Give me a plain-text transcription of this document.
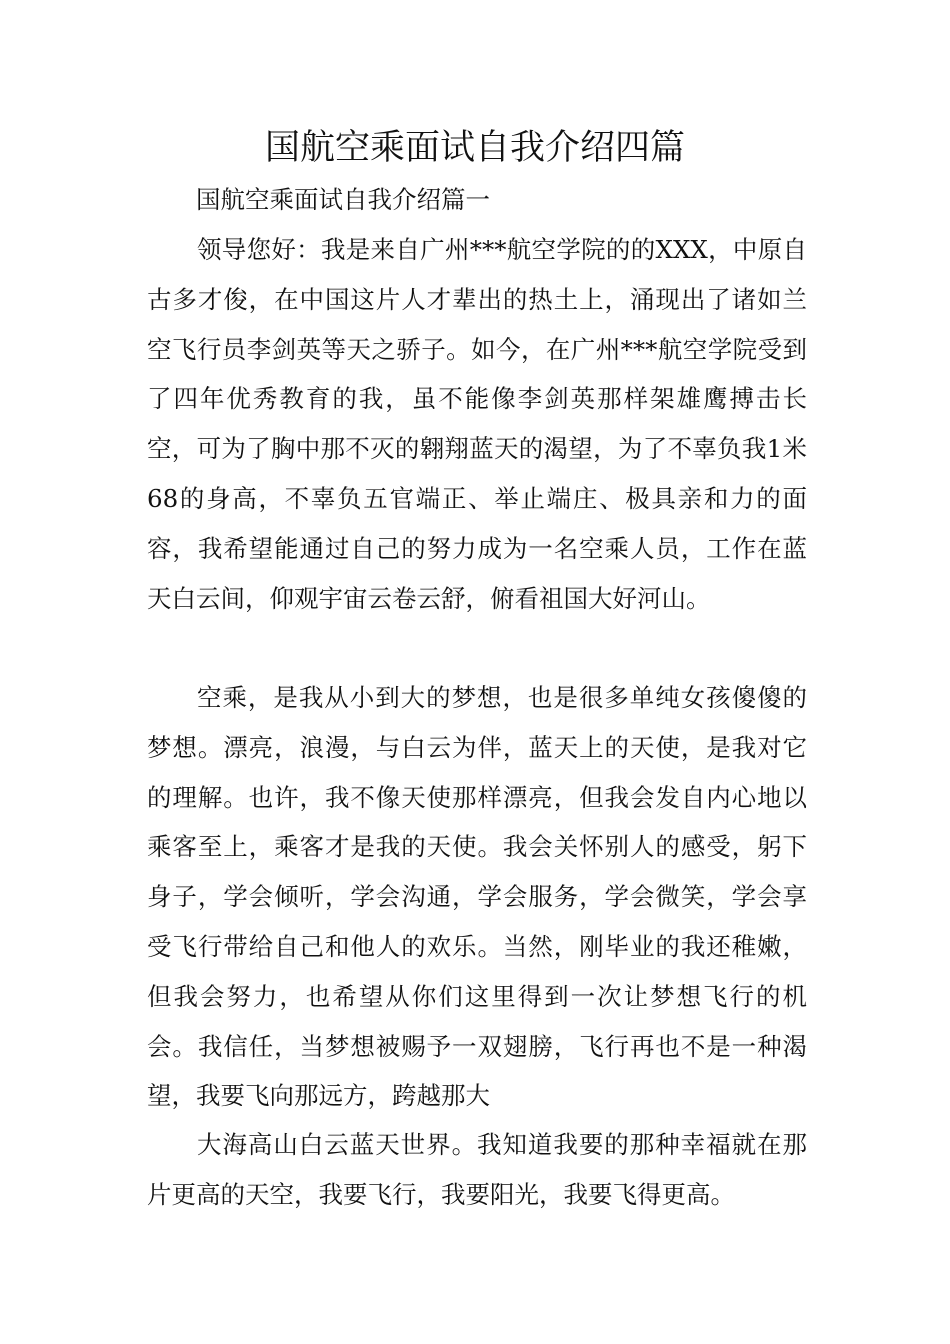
国航空乘面试自我介绍四篇

国航空乘面试自我介绍篇一

领导您好：我是来自广州***航空学院的的XXX，中原自古多才俊，在中国这片人才辈出的热土上，涌现出了诸如兰空飞行员李剑英等天之骄子。如今，在广州***航空学院受到了四年优秀教育的我，虽不能像李剑英那样架雄鹰搏击长空，可为了胸中那不灭的翱翔蓝天的渴望，为了不辜负我1米68的身高，不辜负五官端正、举止端庄、极具亲和力的面容，我希望能通过自己的努力成为一名空乘人员，工作在蓝天白云间，仰观宇宙云卷云舒，俯看祖国大好河山。

空乘，是我从小到大的梦想，也是很多单纯女孩傻傻的梦想。漂亮，浪漫，与白云为伴，蓝天上的天使，是我对它的理解。也许，我不像天使那样漂亮，但我会发自内心地以乘客至上，乘客才是我的天使。我会关怀别人的感受，躬下身子，学会倾听，学会沟通，学会服务，学会微笑，学会享受飞行带给自己和他人的欢乐。当然，刚毕业的我还稚嫩，但我会努力，也希望从你们这里得到一次让梦想飞行的机会。我信任，当梦想被赐予一双翅膀，飞行再也不是一种渴望，我要飞向那远方，跨越那大

大海高山白云蓝天世界。我知道我要的那种幸福就在那片更高的天空，我要飞行，我要阳光，我要飞得更高。
